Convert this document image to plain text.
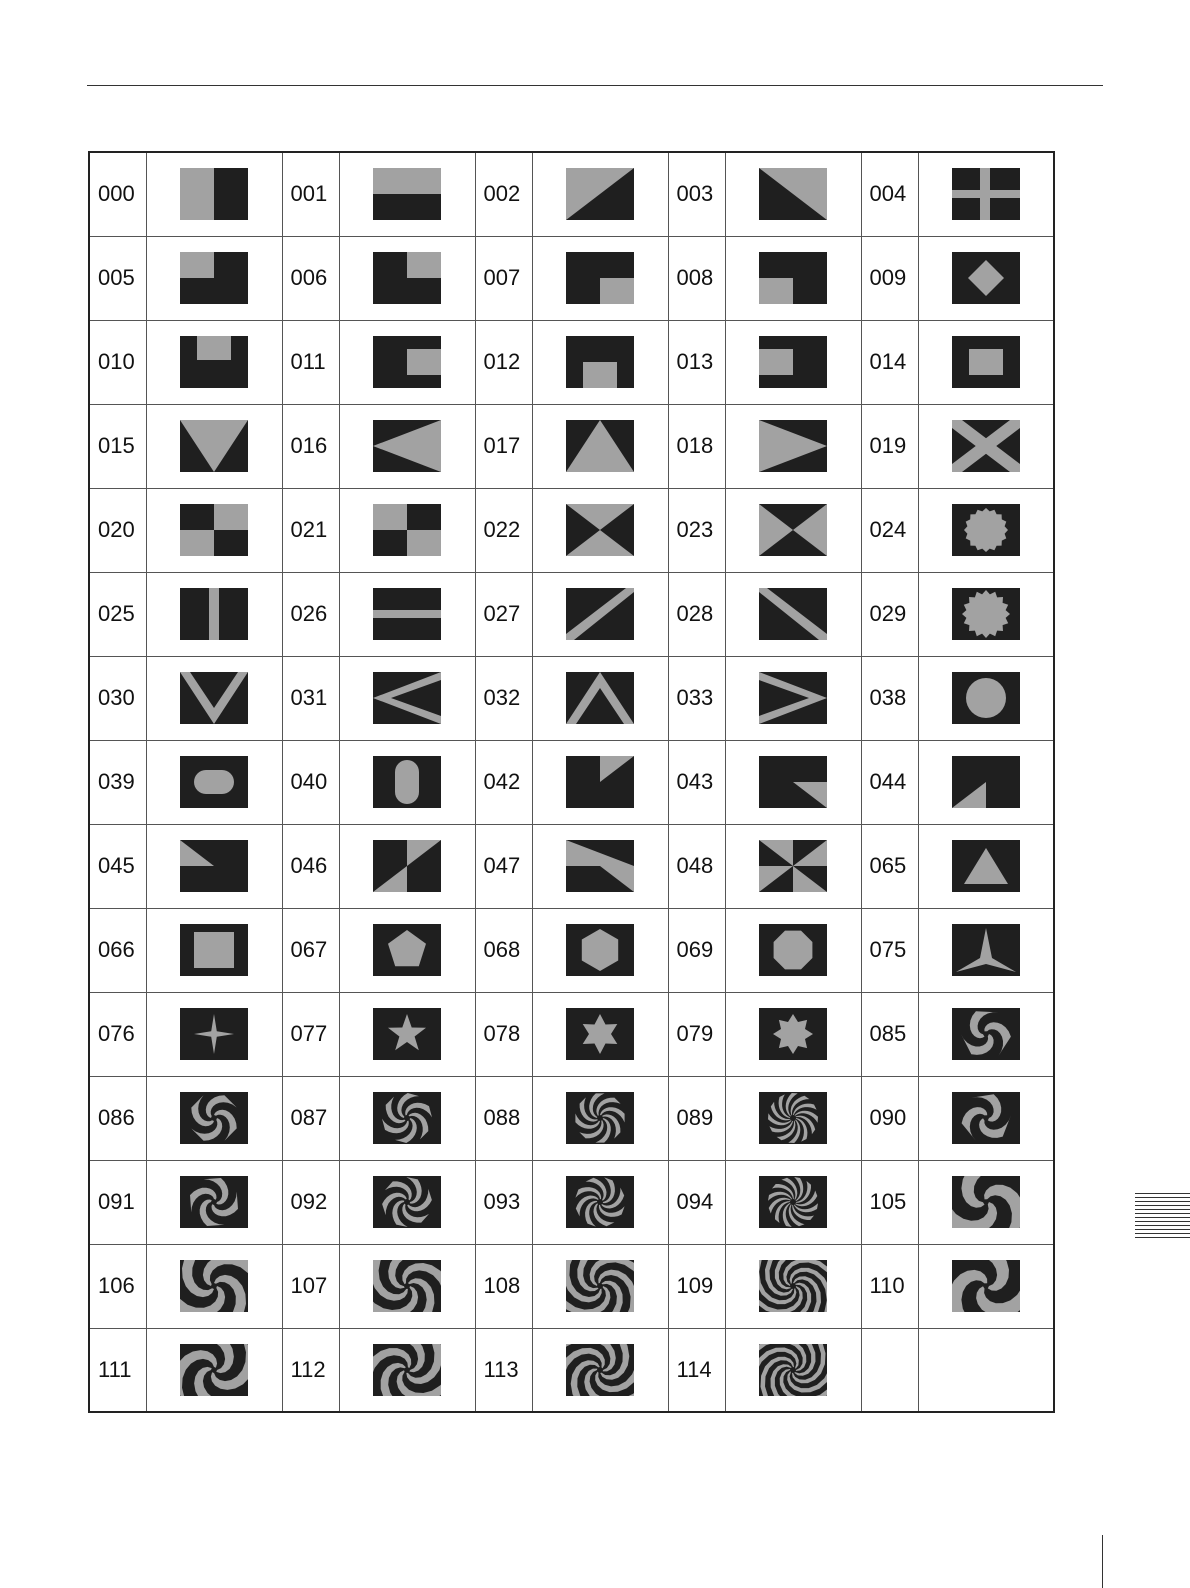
000		001		002		003		004	

005		006		007		008		009	

010		011		012		013		014	

015		016		017		018		019	

020		021		022		023		024	

025		026		027		028		029	

030		031		032		033		038	

039		040		042		043		044	

045		046		047		048		065	

066		067		068		069		075	

076		077		078		079		085	

086		087		088		089		090	

091		092		093		094		105	

106		107		108		109		110	

111		112		113		114	
